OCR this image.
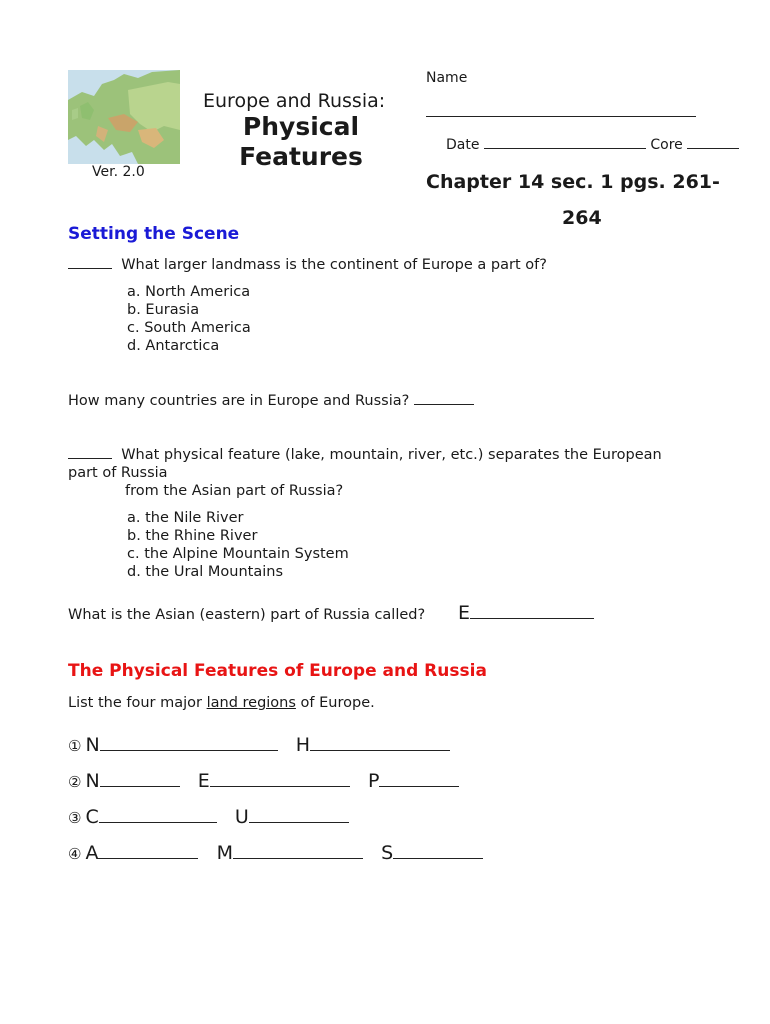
Ver. 2.0
Europe and Russia:
Physical
Features
Name
Date	Core
Chapter 14 sec. 1 pgs. 261-
264
Setting the Scene
What larger landmass is the continent of Europe a part of?
a. North America
b. Eurasia
c. South America
d. Antarctica
How many countries are in Europe and Russia?
What physical feature (lake, mountain, river, etc.) separates the European
part of Russia
from the Asian part of Russia?
a. the Nile River
b. the Rhine River
c. the Alpine Mountain System
d. the Ural Mountains
What is the Asian (eastern) part of Russia called? E
The Physical Features of Europe and Russia
List the four major land regions of Europe.
① N	H
② N	E	P
③ C	U
④ A	M	S
